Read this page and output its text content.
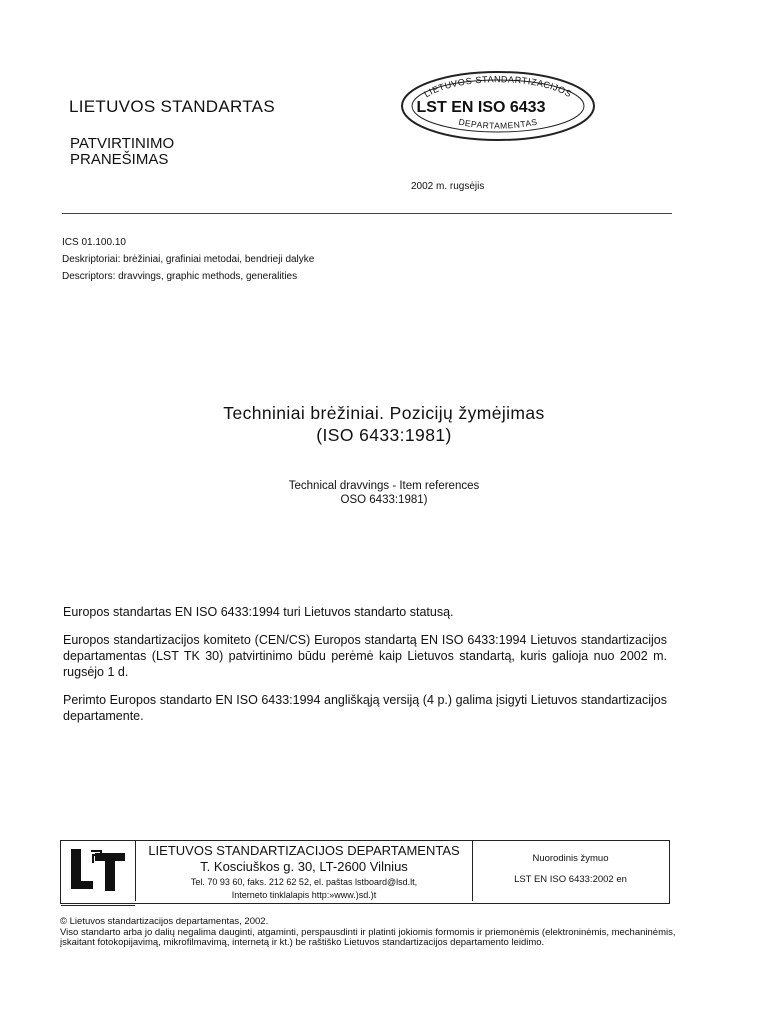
LIETUVOS STANDARTAS
PATVIRTINIMO
PRANEŠIMAS
LIETUVOS STANDARTIZACIJOS
LST EN ISO 6433
DEPARTAMENTAS
2002 m. rugsėjis
ICS 01.100.10
Deskriptoriai: brėžiniai, grafiniai metodai, bendrieji dalyke
Descriptors: dravvings, graphic methods, generalities
Techniniai brėžiniai. Pozicijų žymėjimas
(ISO 6433:1981)
Technical dravvings - Item references
OSO 6433:1981)

Europos standartas EN ISO 6433:1994 turi Lietuvos standarto statusą.

Europos standartizacijos komiteto (CEN/CS) Europos standartą EN ISO 6433:1994 Lietuvos standartizacijos departamentas (LST TK 30) patvirtinimo būdu perėmė kaip Lietuvos standartą, kuris galioja nuo 2002 m. rugsėjo 1 d.

Perimto Europos standarto EN ISO 6433:1994 angliškąją versiją (4 p.) galima įsigyti Lietuvos standartizacijos departamente.

LIETUVOS STANDARTIZACIJOS DEPARTAMENTAS
T. Kosciuškos g. 30, LT-2600 Vilnius
Tel. 70 93 60, faks. 212 62 52, el. paštas lstboard@lsd.lt,
Interneto tinklalapis http:»www.)sd.)t
Nuorodinis žymuo
LST EN ISO 6433:2002 en
© Lietuvos standartizacijos departamentas, 2002.
Viso standarto arba jo dalių negalima dauginti, atgaminti, perspausdinti ir platinti jokiomis formomis ir priemonėmis (elektroninėmis, mechaninėmis, įskaitant fotokopijavimą, mikrofilmavimą, internetą ir kt.) be raštiško Lietuvos standartizacijos departamento leidimo.
